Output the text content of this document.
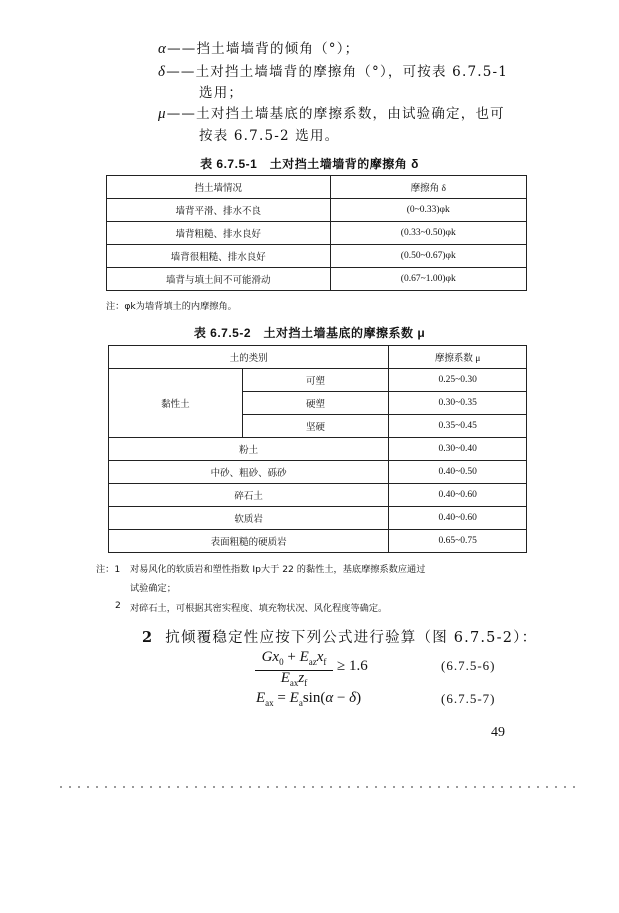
α——挡土墙墙背的倾角（°）；
δ——土对挡土墙墙背的摩擦角（°），可按表 6.7.5-1
选用；
μ——土对挡土墙基底的摩擦系数，由试验确定，也可
按表 6.7.5-2 选用。
表 6.7.5-1　土对挡土墙墙背的摩擦角 δ
挡土墙情况	摩擦角 δ
墙背平滑、排水不良	(0~0.33)φk
墙背粗糙、排水良好	(0.33~0.50)φk
墙背很粗糙、排水良好	(0.50~0.67)φk
墙背与填土间不可能滑动	(0.67~1.00)φk
注：φk为墙背填土的内摩擦角。
表 6.7.5-2　土对挡土墙基底的摩擦系数 μ
土的类别		摩擦系数 μ
黏性土	可塑	0.25~0.30
	硬塑	0.30~0.35
	坚硬	0.35~0.45
粉土		0.30~0.40
中砂、粗砂、砾砂		0.40~0.50
碎石土		0.40~0.60
软质岩		0.40~0.60
表面粗糙的硬质岩		0.65~0.75
注：1 对易风化的软质岩和塑性指数 Ip大于 22 的黏性土，基底摩擦系数应通过
试验确定；
2 对碎石土，可根据其密实程度、填充物状况、风化程度等确定。
2 抗倾覆稳定性应按下列公式进行验算（图 6.7.5-2）：
$Gx_0 + E_{az}x_f$
$E_{ax}z_f$
≥ 1.6	(6.7.5-6)
$E_{ax} = E_a\sin(\alpha - \delta)$	(6.7.5-7)
49
